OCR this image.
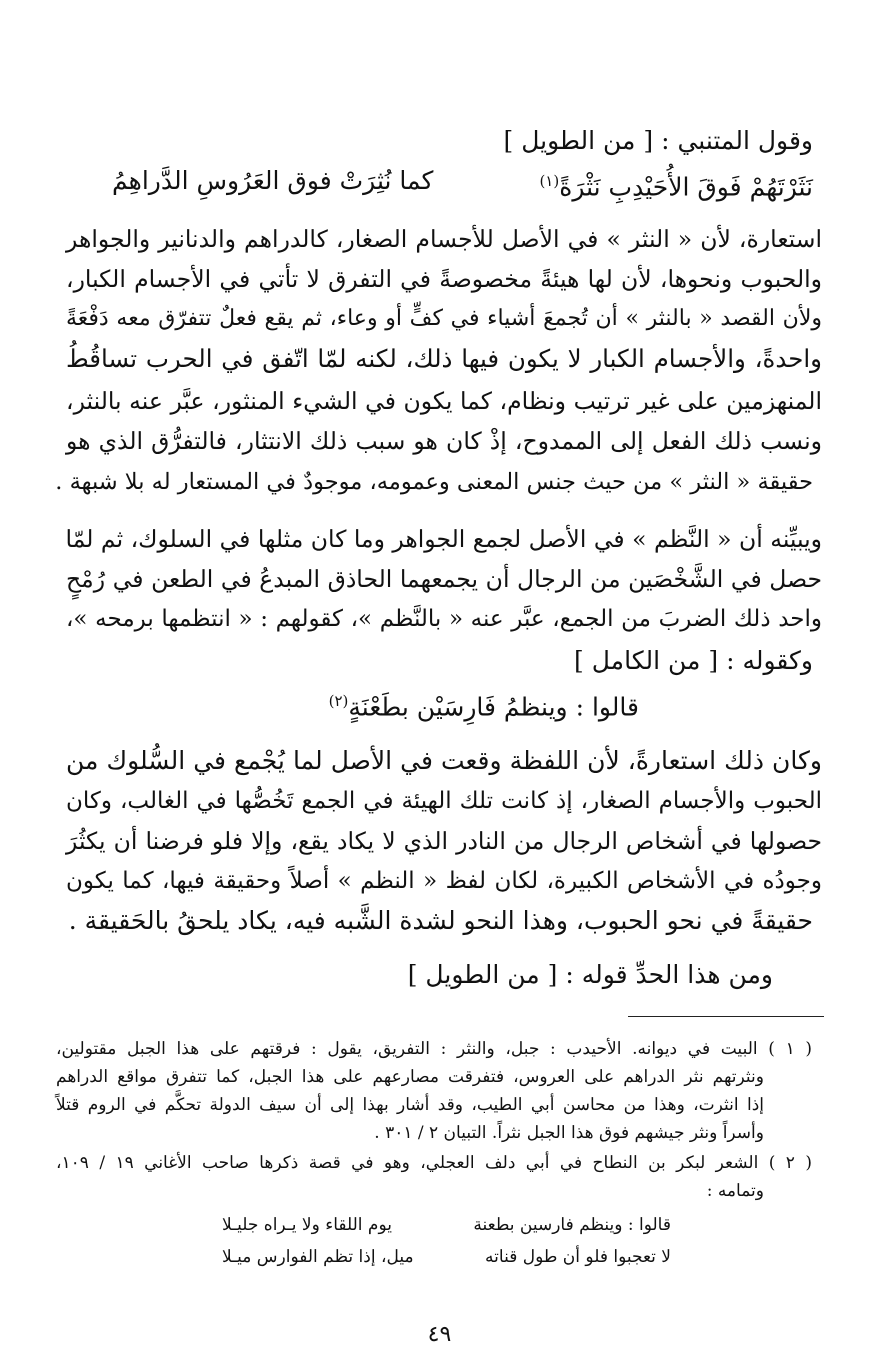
وقول المتنبي : [ من الطويل ]
نَثَرْتَهُمْ فَوقَ الأُحَيْدِبِ نَثْرَةً$^{(١)}$
كما نُثِرَتْ فوق العَرُوسِ الدَّراهِمُ
استعارة، لأن « النثر » في الأصل للأجسام الصغار، كالدراهم والدنانير والجواهر
والحبوب ونحوها، لأن لها هيئةً مخصوصةً في التفرق لا تأتي في الأجسام الكبار،
ولأن القصد « بالنثر » أن تُجمعَ أشياء في كفٍّ أو وعاء، ثم يقع فعلٌ تتفرّق معه دَفْعَةً
واحدةً، والأجسام الكبار لا يكون فيها ذلك، لكنه لمّا اتّفق في الحرب تساقُطُ
المنهزمين على غير ترتيب ونظام، كما يكون في الشيء المنثور، عبَّر عنه بالنثر،
ونسب ذلك الفعل إلى الممدوح، إذْ كان هو سبب ذلك الانتثار، فالتفرُّق الذي هو
حقيقة « النثر » من حيث جنس المعنى وعمومه، موجودٌ في المستعار له بلا شبهة .
ويبيِّنه أن « النَّظم » في الأصل لجمع الجواهر وما كان مثلها في السلوك، ثم لمّا
حصل في الشَّخْصَين من الرجال أن يجمعهما الحاذق المبدعُ في الطعن في رُمْحٍ
واحد ذلك الضربَ من الجمع، عبَّر عنه « بالنَّظم »، كقولهم : « انتظمها برمحه »،
وكقوله : [ من الكامل ]
قالوا : وينظمُ فَارِسَيْن بطَعْنَةٍ$^{(٢)}$
وكان ذلك استعارةً، لأن اللفظة وقعت في الأصل لما يُجْمع في السُّلوك من
الحبوب والأجسام الصغار، إذ كانت تلك الهيئة في الجمع تَخُصُّها في الغالب، وكان
حصولها في أشخاص الرجال من النادر الذي لا يكاد يقع، وإلا فلو فرضنا أن يكثُرَ
وجودُه في الأشخاص الكبيرة، لكان لفظ « النظم » أصلاً وحقيقة فيها، كما يكون
حقيقةً في نحو الحبوب، وهذا النحو لشدة الشَّبه فيه، يكاد يلحقُ بالحَقيقة .
ومن هذا الحدِّ قوله : [ من الطويل ]
( ١ ) البيت في ديوانه. الأحيدب : جبل، والنثر : التفريق، يقول : فرقتهم على هذا الجبل مقتولين،
ونثرتهم نثر الدراهم على العروس، فتفرقت مصارعهم على هذا الجبل، كما تتفرق مواقع الدراهم
إذا انثرت، وهذا من محاسن أبي الطيب، وقد أشار بهذا إلى أن سيف الدولة تحكَّم في الروم قتلاً
وأسراً ونثر جيشهم فوق هذا الجبل نثراً. التبيان ٢ / ٣٠١ .
( ٢ ) الشعر لبكر بن النطاح في أبي دلف العجلي، وهو في قصة ذكرها صاحب الأغاني ١٩ / ١٠٩،
وتمامه :
قالوا : وينظم فارسين بطعنة
يوم اللقاء ولا يـراه جليـلا
لا تعجبوا فلو أن طول قناته
ميل، إذا تظم الفوارس ميـلا
٤٩
